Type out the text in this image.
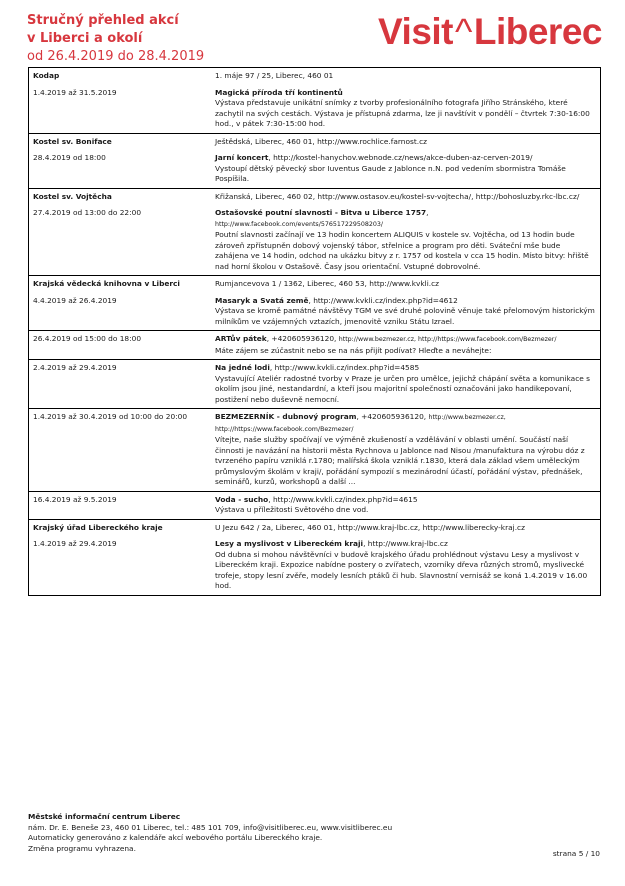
Stručný přehled akcí
v Liberci a okolí
od 26.4.2019 do 28.4.2019
Visit^Liberec
Kodap	1. máje 97 / 25, Liberec, 460 01
1.4.2019 až 31.5.2019	Magická příroda tří kontinentů
Výstava představuje unikátní snímky z tvorby profesionálního fotografa Jiřího Stránského, které zachytil na svých cestách. Výstava je přístupná zdarma, lze ji navštívit v pondělí – čtvrtek 7:30-16:00 hod., v pátek 7:30-15:00 hod.
Kostel sv. Boniface	Ještědská, Liberec, 460 01, http://www.rochlice.farnost.cz
28.4.2019 od 18:00	Jarní koncert, http://kostel-hanychov.webnode.cz/news/akce-duben-az-cerven-2019/
Vystoupí dětský pěvecký sbor Iuventus Gaude z Jablonce n.N. pod vedením sbormistra Tomáše Pospíšila.
Kostel sv. Vojtěcha	Křižanská, Liberec, 460 02, http://www.ostasov.eu/kostel-sv-vojtecha/, http://bohosluzby.rkc-lbc.cz/
27.4.2019 od 13:00 do 22:00	Ostašovské poutní slavnosti - Bitva u Liberce 1757, http://www.facebook.com/events/576517229508203/
Poutní slavnosti začínají ve 13 hodin koncertem ALIQUIS v kostele sv. Vojtěcha, od 13 hodin bude zároveň zpřístupněn dobový vojenský tábor, střelnice a program pro děti. Sváteční mše bude zahájena ve 14 hodin, odchod na ukázku bitvy z r. 1757 od kostela v cca 15 hodin. Místo bitvy: hřiště nad horní školou v Ostašově. Časy jsou orientační. Vstupné dobrovolné.
Krajská vědecká knihovna v Liberci	Rumjancevova 1 / 1362, Liberec, 460 53, http://www.kvkli.cz
4.4.2019 až 26.4.2019	Masaryk a Svatá země, http://www.kvkli.cz/index.php?id=4612
Výstava se kromě památné návštěvy TGM ve své druhé polovině věnuje také přelomovým historickým milníkům ve vzájemných vztazích, jmenovitě vzniku Státu Izrael.
26.4.2019 od 15:00 do 18:00	ARTův pátek, +420605936120, http://www.bezmezer.cz, http://https://www.facebook.com/Bezmezer/
Máte zájem se zúčastnit nebo se na nás přijít podívat? Hleďte a neváhejte:
2.4.2019 až 29.4.2019	Na jedné lodi, http://www.kvkli.cz/index.php?id=4585
Vystavující Ateliér radostné tvorby v Praze je určen pro umělce, jejichž chápání světa a komunikace s okolím jsou jiné, nestandardní, a kteří jsou majoritní společností označováni jako handikepovaní, postižení nebo duševně nemocní.
1.4.2019 až 30.4.2019 od 10:00 do 20:00	BEZMEZERNÍK - dubnový program, +420605936120, http://www.bezmezer.cz, http://https://www.facebook.com/Bezmezer/
Vítejte, naše služby spočívají ve výměně zkušeností a vzdělávání v oblasti umění. Součástí naší činnosti je navázání na historii města Rychnova u Jablonce nad Nisou /manufaktura na výrobu dóz z tvrzeného papíru vzniklá r.1780; malířská škola vzniklá r.1830, která dala základ všem uměleckým průmyslovým školám v kraji/, pořádání sympozií s mezinárodní účastí, pořádání výstav, přednášek, seminářů, kurzů, workshopů a další ...
16.4.2019 až 9.5.2019	Voda - sucho, http://www.kvkli.cz/index.php?id=4615
Výstava u příležitosti Světového dne vod.
Krajský úřad Libereckého kraje	U Jezu 642 / 2a, Liberec, 460 01, http://www.kraj-lbc.cz, http://www.liberecky-kraj.cz
1.4.2019 až 29.4.2019	Lesy a myslivost v Libereckém kraji, http://www.kraj-lbc.cz
Od dubna si mohou návštěvníci v budově krajského úřadu prohlédnout výstavu Lesy a myslivost v Libereckém kraji. Expozice nabídne postery o zvířatech, vzorníky dřeva různých stromů, myslivecké trofeje, stopy lesní zvěře, modely lesních ptáků či hub. Slavnostní vernisáž se koná 1.4.2019 v 16.00 hod.
Městské informační centrum Liberec
nám. Dr. E. Beneše 23, 460 01 Liberec, tel.: 485 101 709, info@visitliberec.eu, www.visitliberec.eu
Automaticky generováno z kalendáře akcí webového portálu Libereckého kraje.
Změna programu vyhrazena.
strana 5 / 10
